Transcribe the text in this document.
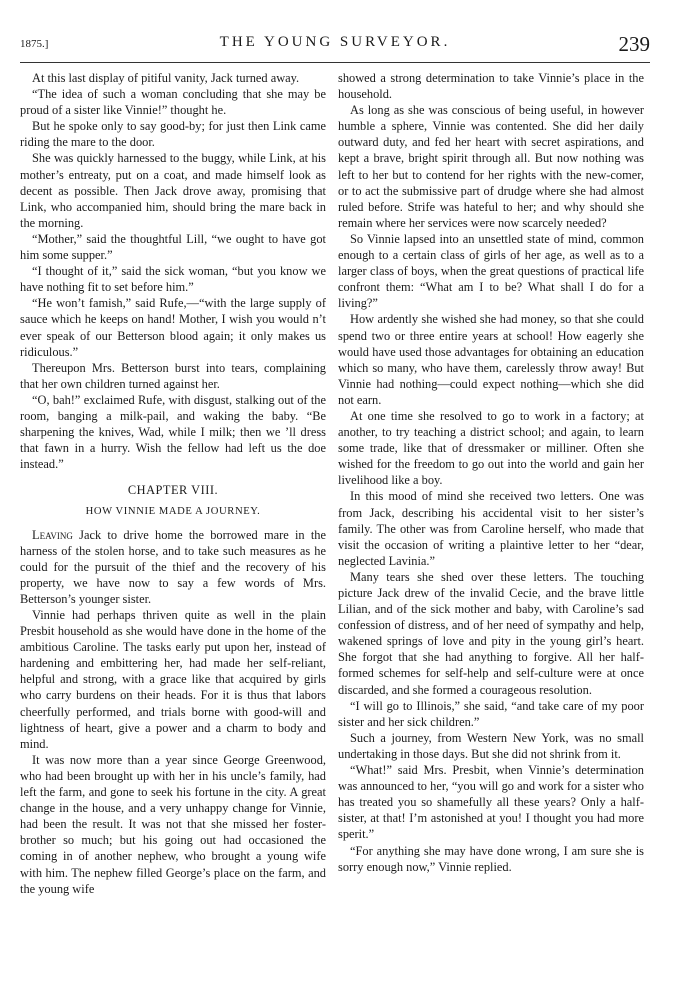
1875.]	THE YOUNG SURVEYOR.	239

At this last display of pitiful vanity, Jack turned away.

“The idea of such a woman concluding that she may be proud of a sister like Vinnie!” thought he.

But he spoke only to say good-by; for just then Link came riding the mare to the door.

She was quickly harnessed to the buggy, while Link, at his mother’s entreaty, put on a coat, and made himself look as decent as possible. Then Jack drove away, promising that Link, who accompanied him, should bring the mare back in the morning.

“Mother,” said the thoughtful Lill, “we ought to have got him some supper.”

“I thought of it,” said the sick woman, “but you know we have nothing fit to set before him.”

“He won’t famish,” said Rufe,—“with the large supply of sauce which he keeps on hand! Mother, I wish you would n’t ever speak of our Betterson blood again; it only makes us ridiculous.”

Thereupon Mrs. Betterson burst into tears, complaining that her own children turned against her.

“O, bah!” exclaimed Rufe, with disgust, stalking out of the room, banging a milk-pail, and waking the baby. “Be sharpening the knives, Wad, while I milk; then we ’ll dress that fawn in a hurry. Wish the fellow had left us the doe instead.”

CHAPTER VIII.

HOW VINNIE MADE A JOURNEY.

Leaving Jack to drive home the borrowed mare in the harness of the stolen horse, and to take such measures as he could for the pursuit of the thief and the recovery of his property, we have now to say a few words of Mrs. Betterson’s younger sister.

Vinnie had perhaps thriven quite as well in the plain Presbit household as she would have done in the home of the ambitious Caroline. The tasks early put upon her, instead of hardening and embittering her, had made her self-reliant, helpful and strong, with a grace like that acquired by girls who carry burdens on their heads. For it is thus that labors cheerfully performed, and trials borne with good-will and lightness of heart, give a power and a charm to body and mind.

It was now more than a year since George Greenwood, who had been brought up with her in his uncle’s family, had left the farm, and gone to seek his fortune in the city. A great change in the house, and a very unhappy change for Vinnie, had been the result. It was not that she missed her foster-brother so much; but his going out had occasioned the coming in of another nephew, who brought a young wife with him. The nephew filled George’s place on the farm, and the young wife

showed a strong determination to take Vinnie’s place in the household.

As long as she was conscious of being useful, in however humble a sphere, Vinnie was contented. She did her daily outward duty, and fed her heart with secret aspirations, and kept a brave, bright spirit through all. But now nothing was left to her but to contend for her rights with the new-comer, or to act the submissive part of drudge where she had almost ruled before. Strife was hateful to her; and why should she remain where her services were now scarcely needed?

So Vinnie lapsed into an unsettled state of mind, common enough to a certain class of girls of her age, as well as to a larger class of boys, when the great questions of practical life confront them: “What am I to be? What shall I do for a living?”

How ardently she wished she had money, so that she could spend two or three entire years at school! How eagerly she would have used those advantages for obtaining an education which so many, who have them, carelessly throw away! But Vinnie had nothing—could expect nothing—which she did not earn.

At one time she resolved to go to work in a factory; at another, to try teaching a district school; and again, to learn some trade, like that of dressmaker or milliner. Often she wished for the freedom to go out into the world and gain her livelihood like a boy.

In this mood of mind she received two letters. One was from Jack, describing his accidental visit to her sister’s family. The other was from Caroline herself, who made that visit the occasion of writing a plaintive letter to her “dear, neglected Lavinia.”

Many tears she shed over these letters. The touching picture Jack drew of the invalid Cecie, and the brave little Lilian, and of the sick mother and baby, with Caroline’s sad confession of distress, and of her need of sympathy and help, wakened springs of love and pity in the young girl’s heart. She forgot that she had anything to forgive. All her half-formed schemes for self-help and self-culture were at once discarded, and she formed a courageous resolution.

“I will go to Illinois,” she said, “and take care of my poor sister and her sick children.”

Such a journey, from Western New York, was no small undertaking in those days. But she did not shrink from it.

“What!” said Mrs. Presbit, when Vinnie’s determination was announced to her, “you will go and work for a sister who has treated you so shamefully all these years? Only a half-sister, at that! I’m astonished at you! I thought you had more sperit.”

“For anything she may have done wrong, I am sure she is sorry enough now,” Vinnie replied.
